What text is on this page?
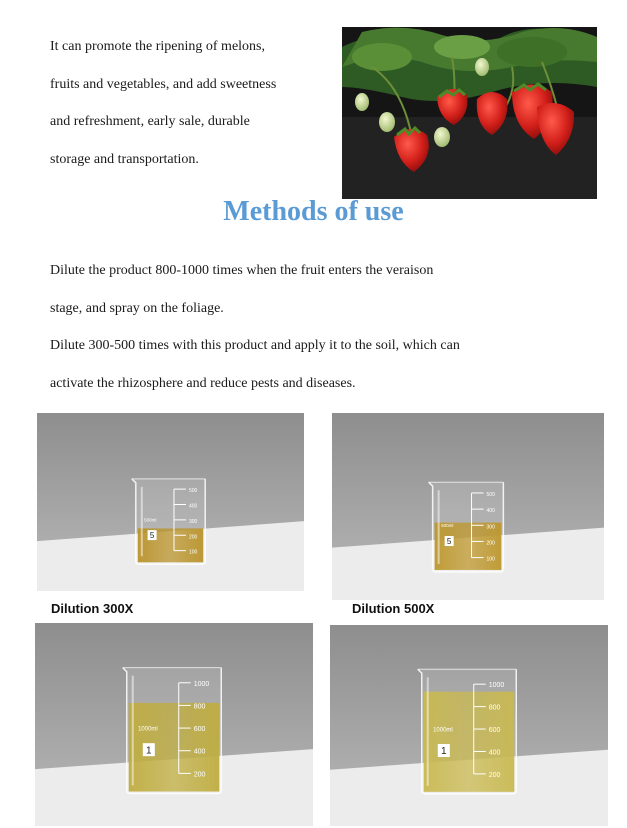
It can promote the ripening of melons,
fruits and vegetables, and add sweetness
and refreshment, early sale, durable
storage and transportation.
Methods of use
Dilute the product 800-1000 times when the fruit enters the veraison
stage, and spray on the foliage.
Dilute 300-500 times with this product and apply it to the soil, which can
activate the rhizosphere and reduce pests and diseases.
500
400
300
200
100
500ml
5
500
400
300
200
100
500ml
5
1000
800
600
400
200
1000ml
1
1000
800
600
400
200
1000ml
1
Dilution 300X	Dilution 500X
